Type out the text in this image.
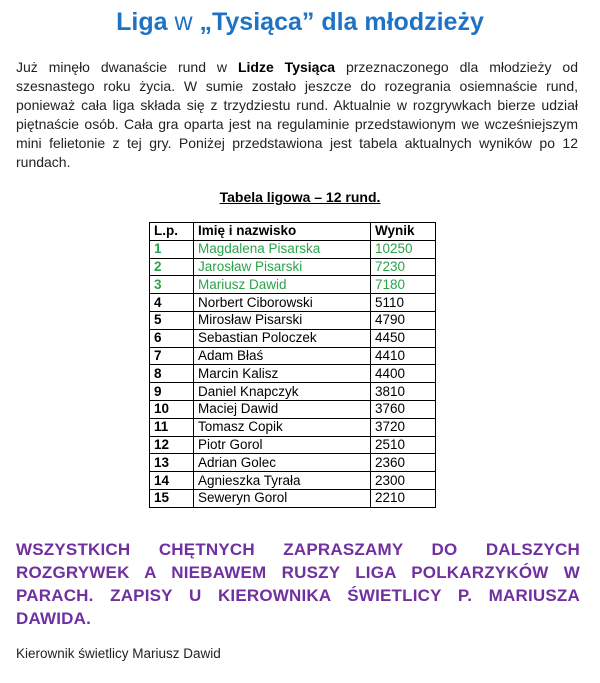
Liga w „Tysiąca” dla młodzieży
Już minęło dwanaście rund w Lidze Tysiąca przeznaczonego dla młodzieży od szesnastego roku życia. W sumie zostało jeszcze do rozegrania osiemnaście rund, ponieważ cała liga składa się z trzydziestu rund. Aktualnie w rozgrywkach bierze udział piętnaście osób. Cała gra oparta jest na regulaminie przedstawionym we wcześniejszym mini felietonie z tej gry. Poniżej przedstawiona jest tabela aktualnych wyników po 12 rundach.
Tabela ligowa – 12 rund.
L.p.	Imię i nazwisko	Wynik
1	Magdalena Pisarska	10250
2	Jarosław Pisarski	7230
3	Mariusz Dawid	7180
4	Norbert Ciborowski	5110
5	Mirosław Pisarski	4790
6	Sebastian Poloczek	4450
7	Adam Błaś	4410
8	Marcin Kalisz	4400
9	Daniel Knapczyk	3810
10	Maciej Dawid	3760
11	Tomasz Copik	3720
12	Piotr Gorol	2510
13	Adrian Golec	2360
14	Agnieszka Tyrała	2300
15	Seweryn Gorol	2210
WSZYSTKICH CHĘTNYCH ZAPRASZAMY DO DALSZYCH ROZGRYWEK A NIEBAWEM RUSZY LIGA POLKARZYKÓW W PARACH. ZAPISY U KIEROWNIKA ŚWIETLICY P. MARIUSZA DAWIDA.
Kierownik świetlicy Mariusz Dawid
